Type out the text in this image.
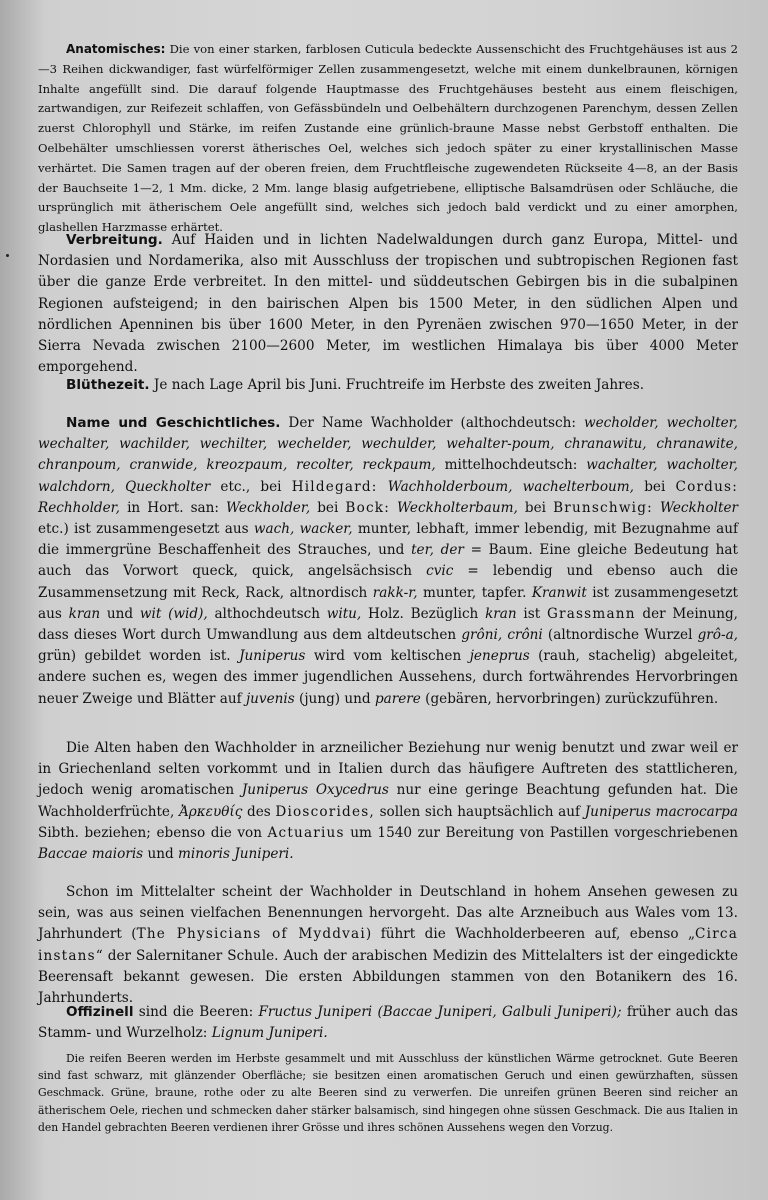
Anatomisches: Die von einer starken, farblosen Cuticula bedeckte Aussenschicht des Fruchtgehäuses ist aus 2—3 Reihen dickwandiger, fast würfelförmiger Zellen zusammengesetzt, welche mit einem dunkelbraunen, körnigen Inhalte angefüllt sind. Die darauf folgende Hauptmasse des Fruchtgehäuses besteht aus einem fleischigen, zartwandigen, zur Reifezeit schlaffen, von Gefässbündeln und Oelbehältern durchzogenen Parenchym, dessen Zellen zuerst Chlorophyll und Stärke, im reifen Zustande eine grünlich-braune Masse nebst Gerbstoff enthalten. Die Oelbehälter umschliessen vorerst ätherisches Oel, welches sich jedoch später zu einer krystallinischen Masse verhärtet. Die Samen tragen auf der oberen freien, dem Fruchtfleische zugewendeten Rückseite 4—8, an der Basis der Bauchseite 1—2, 1 Mm. dicke, 2 Mm. lange blasig aufgetriebene, elliptische Balsamdrüsen oder Schläuche, die ursprünglich mit ätherischem Oele angefüllt sind, welches sich jedoch bald verdickt und zu einer amorphen, glashellen Harzmasse erhärtet.

Verbreitung. Auf Haiden und in lichten Nadelwaldungen durch ganz Europa, Mittel- und Nordasien und Nordamerika, also mit Ausschluss der tropischen und subtropischen Regionen fast über die ganze Erde verbreitet. In den mittel- und süddeutschen Gebirgen bis in die subalpinen Regionen aufsteigend; in den bairischen Alpen bis 1500 Meter, in den südlichen Alpen und nördlichen Apenninen bis über 1600 Meter, in den Pyrenäen zwischen 970—1650 Meter, in der Sierra Nevada zwischen 2100—2600 Meter, im westlichen Himalaya bis über 4000 Meter emporgehend.

Blüthezeit. Je nach Lage April bis Juni. Fruchtreife im Herbste des zweiten Jahres.

Name und Geschichtliches. Der Name Wachholder (althochdeutsch: wecholder, wecholter, wechalter, wachilder, wechilter, wechelder, wechulder, wehalter-poum, chranawitu, chranawite, chranpoum, cranwide, kreozpaum, recolter, reckpaum, mittelhochdeutsch: wachalter, wacholter, walchdorn, Queckholter etc., bei Hildegard: Wachholderboum, wachelterboum, bei Cordus: Rechholder, in Hort. san: Weckholder, bei Bock: Weckholterbaum, bei Brunschwig: Weckholter etc.) ist zusammengesetzt aus wach, wacker, munter, lebhaft, immer lebendig, mit Bezugnahme auf die immergrüne Beschaffenheit des Strauches, und ter, der = Baum. Eine gleiche Bedeutung hat auch das Vorwort queck, quick, angelsächsisch cvic = lebendig und ebenso auch die Zusammensetzung mit Reck, Rack, altnordisch rakk-r, munter, tapfer. Kranwit ist zusammengesetzt aus kran und wit (wid), althochdeutsch witu, Holz. Bezüglich kran ist Grassmann der Meinung, dass dieses Wort durch Umwandlung aus dem altdeutschen grôni, crôni (altnordische Wurzel grô-a, grün) gebildet worden ist. Juniperus wird vom keltischen jeneprus (rauh, stachelig) abgeleitet, andere suchen es, wegen des immer jugendlichen Aussehens, durch fortwährendes Hervorbringen neuer Zweige und Blätter auf juvenis (jung) und parere (gebären, hervorbringen) zurückzuführen.

Die Alten haben den Wachholder in arzneilicher Beziehung nur wenig benutzt und zwar weil er in Griechenland selten vorkommt und in Italien durch das häufigere Auftreten des stattlicheren, jedoch wenig aromatischen Juniperus Oxycedrus nur eine geringe Beachtung gefunden hat. Die Wachholderfrüchte, Ἀρκευθίς des Dioscorides, sollen sich hauptsächlich auf Juniperus macrocarpa Sibth. beziehen; ebenso die von Actuarius um 1540 zur Bereitung von Pastillen vorgeschriebenen Baccae maioris und minoris Juniperi.

Schon im Mittelalter scheint der Wachholder in Deutschland in hohem Ansehen gewesen zu sein, was aus seinen vielfachen Benennungen hervorgeht. Das alte Arzneibuch aus Wales vom 13. Jahrhundert (The Physicians of Myddvai) führt die Wachholderbeeren auf, ebenso „Circa instans“ der Salernitaner Schule. Auch der arabischen Medizin des Mittelalters ist der eingedickte Beerensaft bekannt gewesen. Die ersten Abbildungen stammen von den Botanikern des 16. Jahrhunderts.

Offizinell sind die Beeren: Fructus Juniperi (Baccae Juniperi, Galbuli Juniperi); früher auch das Stamm- und Wurzelholz: Lignum Juniperi.

Die reifen Beeren werden im Herbste gesammelt und mit Ausschluss der künstlichen Wärme getrocknet. Gute Beeren sind fast schwarz, mit glänzender Oberfläche; sie besitzen einen aromatischen Geruch und einen gewürzhaften, süssen Geschmack. Grüne, braune, rothe oder zu alte Beeren sind zu verwerfen. Die unreifen grünen Beeren sind reicher an ätherischem Oele, riechen und schmecken daher stärker balsamisch, sind hingegen ohne süssen Geschmack. Die aus Italien in den Handel gebrachten Beeren verdienen ihrer Grösse und ihres schönen Aussehens wegen den Vorzug.
